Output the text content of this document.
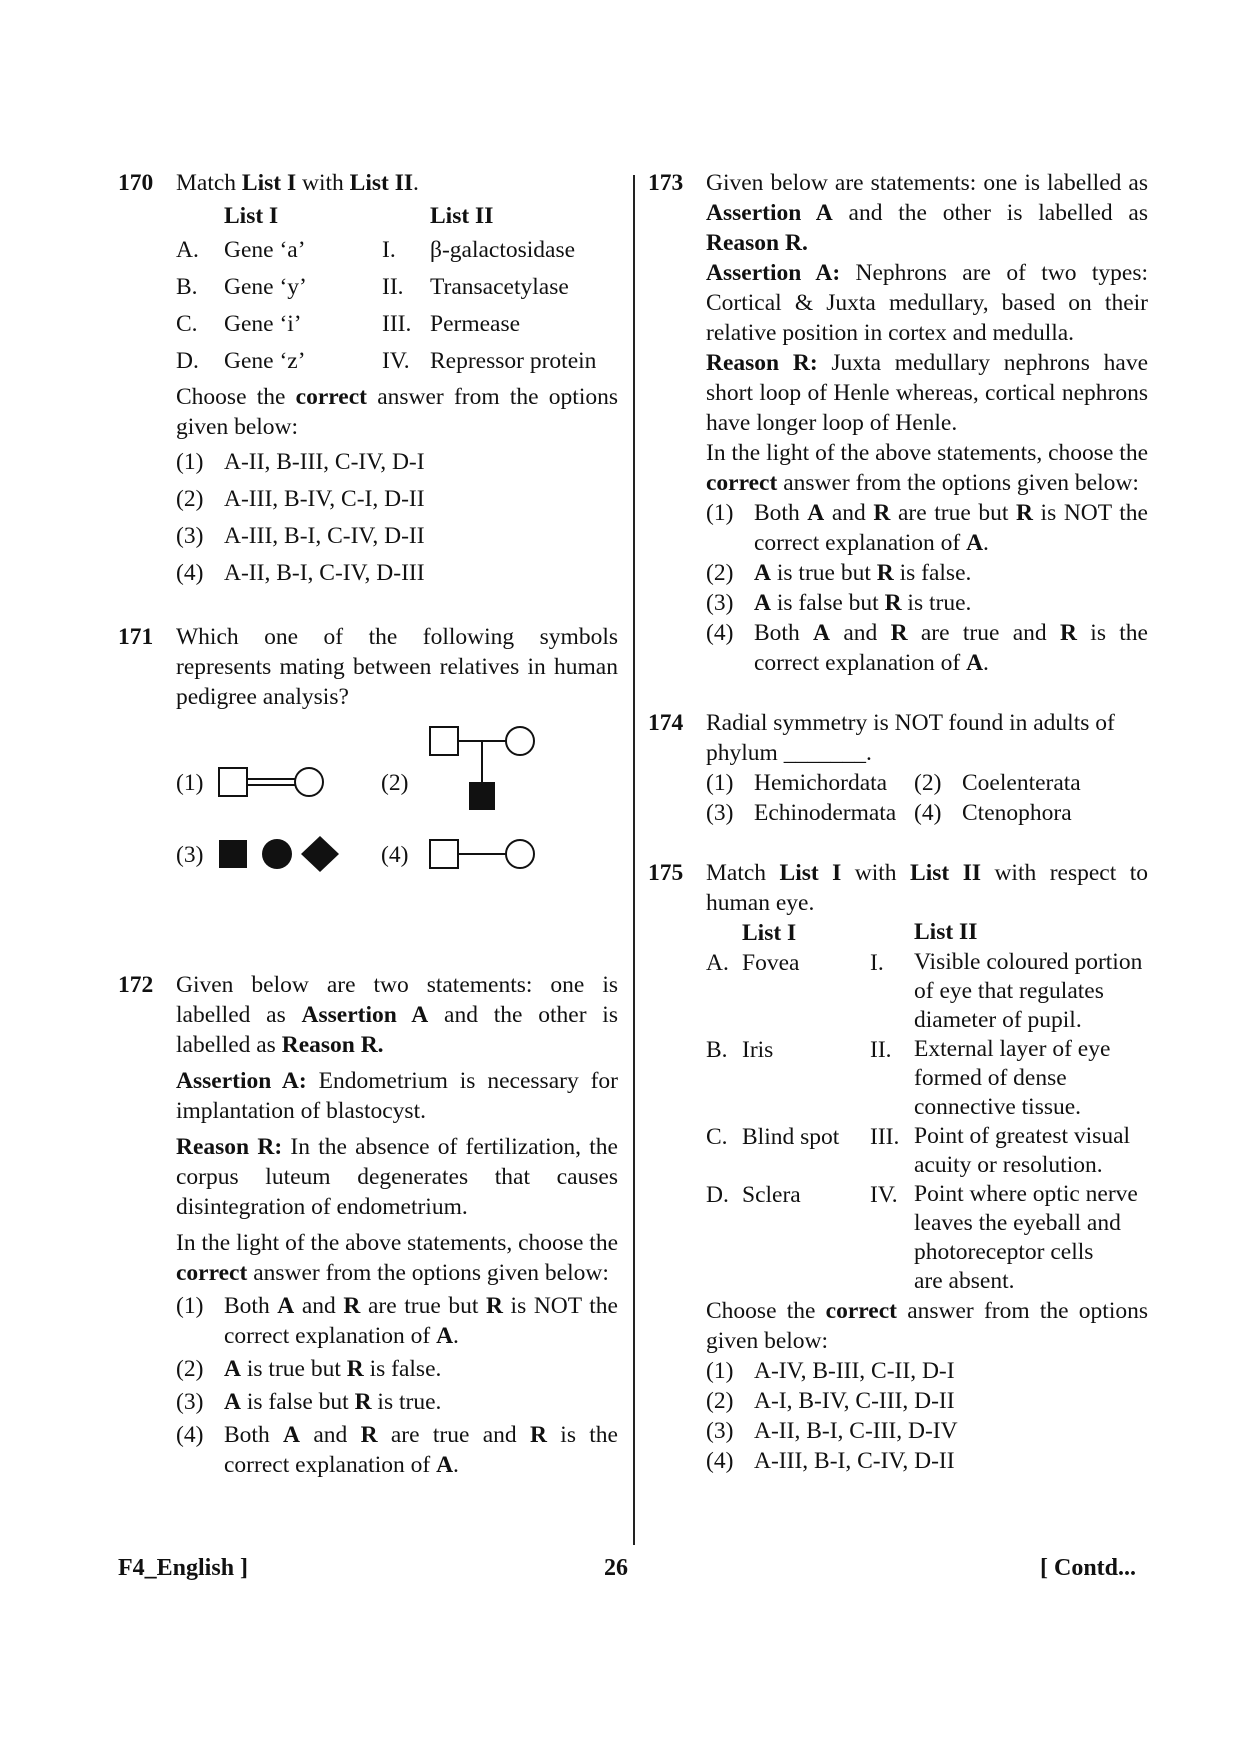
170 Match List I with List II.

List I	List II
A.	Gene ‘a’	I.	β-galactosidase
B.	Gene ‘y’	II.	Transacetylase
C.	Gene ‘i’	III. Permease
D.	Gene ‘z’	IV. Repressor protein

Choose the correct answer from the options given below:

(1) A-II, B-III, C-IV, D-I
(2) A-III, B-IV, C-I, D-II
(3) A-III, B-I, C-IV, D-II
(4) A-II, B-I, C-IV, D-III
171 Which one of the following symbols represents mating between relatives in human pedigree analysis?

(1)	(2)
(3)	(4)
172 Given below are two statements: one is labelled as Assertion A and the other is labelled as Reason R.

Assertion A: Endometrium is necessary for implantation of blastocyst.

Reason R: In the absence of fertilization, the corpus luteum degenerates that causes disintegration of endometrium.

In the light of the above statements, choose the correct answer from the options given below:

(1) Both A and R are true but R is NOT the correct explanation of A.
(2) A is true but R is false.
(3) A is false but R is true.
(4) Both A and R are true and R is the correct explanation of A.
173 Given below are statements: one is labelled as Assertion A and the other is labelled as Reason R.

Assertion A: Nephrons are of two types: Cortical & Juxta medullary, based on their relative position in cortex and medulla.

Reason R: Juxta medullary nephrons have short loop of Henle whereas, cortical nephrons have longer loop of Henle.

In the light of the above statements, choose the correct answer from the options given below:

(1) Both A and R are true but R is NOT the correct explanation of A.
(2) A is true but R is false.
(3) A is false but R is true.
(4) Both A and R are true and R is the correct explanation of A.
174 Radial symmetry is NOT found in adults of phylum _______.

(1) Hemichordata	(2) Coelenterata
(3) Echinodermata (4) Ctenophora
175 Match List I with List II with respect to human eye.

List I	List II
A. Fovea	I.	Visible coloured portion
of eye that regulates
diameter of pupil.
B. Iris	II. External layer of eye
formed of dense
connective tissue.
C. Blind spot	III. Point of greatest visual
acuity or resolution.
D. Sclera	IV. Point where optic nerve
leaves the eyeball and
photoreceptor cells
are absent.

Choose the correct answer from the options given below:

(1) A-IV, B-III, C-II, D-I
(2) A-I, B-IV, C-III, D-II
(3) A-II, B-I, C-III, D-IV
(4) A-III, B-I, C-IV, D-II
F4_English ]	26	[ Contd...
